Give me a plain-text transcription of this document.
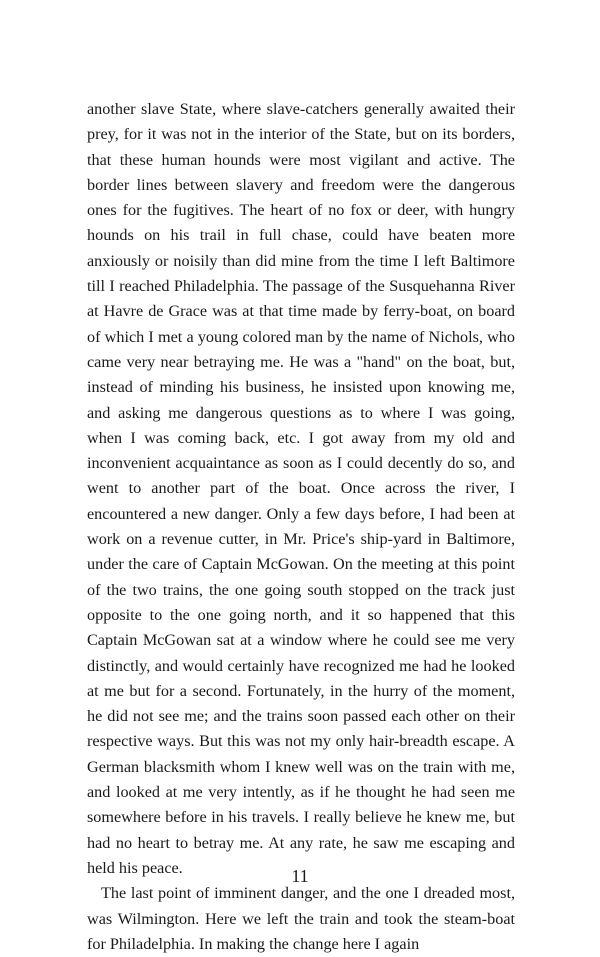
another slave State, where slave-catchers generally awaited their prey, for it was not in the interior of the State, but on its borders, that these human hounds were most vigilant and active. The border lines between slavery and freedom were the dangerous ones for the fugitives. The heart of no fox or deer, with hungry hounds on his trail in full chase, could have beaten more anxiously or noisily than did mine from the time I left Baltimore till I reached Philadelphia. The passage of the Susquehanna River at Havre de Grace was at that time made by ferry-boat, on board of which I met a young colored man by the name of Nichols, who came very near betraying me. He was a "hand" on the boat, but, instead of minding his business, he insisted upon knowing me, and asking me dangerous questions as to where I was going, when I was coming back, etc. I got away from my old and inconvenient acquaintance as soon as I could decently do so, and went to another part of the boat. Once across the river, I encountered a new danger. Only a few days before, I had been at work on a revenue cutter, in Mr. Price's ship-yard in Baltimore, under the care of Captain McGowan. On the meeting at this point of the two trains, the one going south stopped on the track just opposite to the one going north, and it so happened that this Captain McGowan sat at a window where he could see me very distinctly, and would certainly have recognized me had he looked at me but for a second. Fortunately, in the hurry of the moment, he did not see me; and the trains soon passed each other on their respective ways. But this was not my only hair-breadth escape. A German blacksmith whom I knew well was on the train with me, and looked at me very intently, as if he thought he had seen me somewhere before in his travels. I really believe he knew me, but had no heart to betray me. At any rate, he saw me escaping and held his peace.

The last point of imminent danger, and the one I dreaded most, was Wilmington. Here we left the train and took the steam-boat for Philadelphia. In making the change here I again

11
